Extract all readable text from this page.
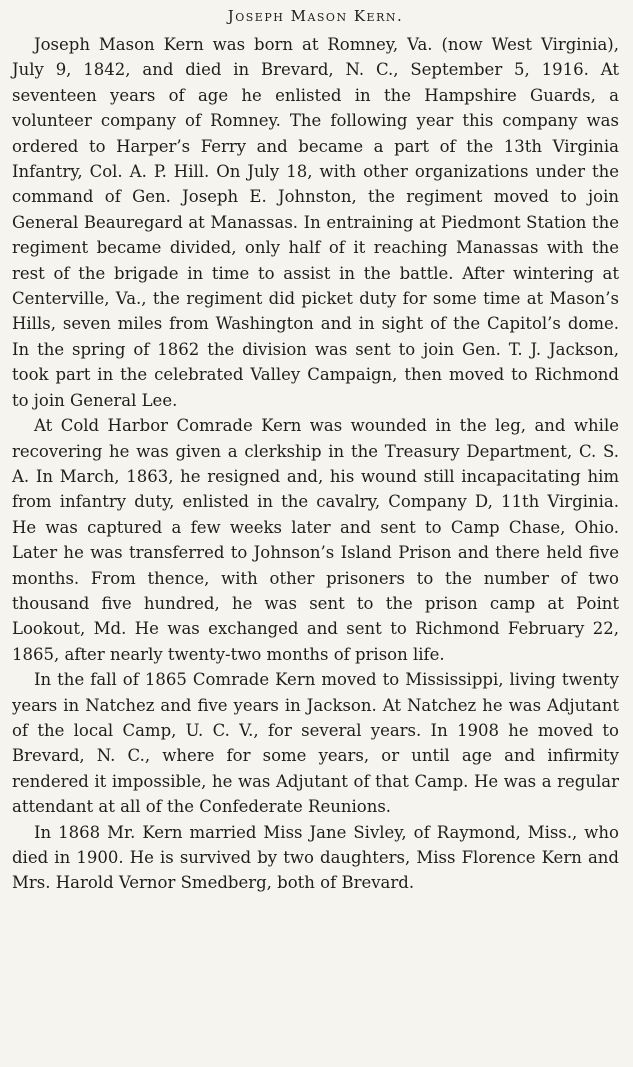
Joseph Mason Kern.

Joseph Mason Kern was born at Romney, Va. (now West Virginia), July 9, 1842, and died in Brevard, N. C., September 5, 1916. At seventeen years of age he enlisted in the Hampshire Guards, a volunteer company of Romney. The following year this company was ordered to Harper’s Ferry and became a part of the 13th Virginia Infantry, Col. A. P. Hill. On July 18, with other organizations under the command of Gen. Joseph E. Johnston, the regiment moved to join General Beauregard at Manassas. In entraining at Piedmont Station the regiment became divided, only half of it reaching Manassas with the rest of the brigade in time to assist in the battle. After wintering at Centerville, Va., the regiment did picket duty for some time at Mason’s Hills, seven miles from Washington and in sight of the Capitol’s dome. In the spring of 1862 the division was sent to join Gen. T. J. Jackson, took part in the celebrated Valley Campaign, then moved to Richmond to join General Lee.

At Cold Harbor Comrade Kern was wounded in the leg, and while recovering he was given a clerkship in the Treasury Department, C. S. A. In March, 1863, he resigned and, his wound still incapacitating him from infantry duty, enlisted in the cavalry, Company D, 11th Virginia. He was captured a few weeks later and sent to Camp Chase, Ohio. Later he was transferred to Johnson’s Island Prison and there held five months. From thence, with other prisoners to the number of two thousand five hundred, he was sent to the prison camp at Point Lookout, Md. He was exchanged and sent to Richmond February 22, 1865, after nearly twenty-two months of prison life.

In the fall of 1865 Comrade Kern moved to Mississippi, living twenty years in Natchez and five years in Jackson. At Natchez he was Adjutant of the local Camp, U. C. V., for several years. In 1908 he moved to Brevard, N. C., where for some years, or until age and infirmity rendered it impossible, he was Adjutant of that Camp. He was a regular attendant at all of the Confederate Reunions.

In 1868 Mr. Kern married Miss Jane Sivley, of Raymond, Miss., who died in 1900. He is survived by two daughters, Miss Florence Kern and Mrs. Harold Vernor Smedberg, both of Brevard.
